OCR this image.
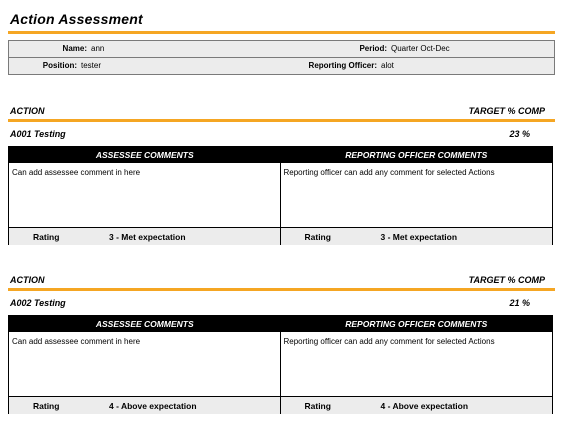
Action Assessment
Name: ann	Period: Quarter Oct-Dec
Position: tester	Reporting Officer: alot
ACTION	TARGET % COMP
A001 Testing	23 %
ASSESSEE COMMENTS	REPORTING OFFICER COMMENTS
Can add assessee comment in here	Reporting officer can add any comment for selected Actions
Rating	3 - Met expectation	Rating	3 - Met expectation
ACTION	TARGET % COMP
A002 Testing	21 %
ASSESSEE COMMENTS	REPORTING OFFICER COMMENTS
Can add assessee comment in here	Reporting officer can add any comment for selected Actions
Rating	4 - Above expectation	Rating	4 - Above expectation
